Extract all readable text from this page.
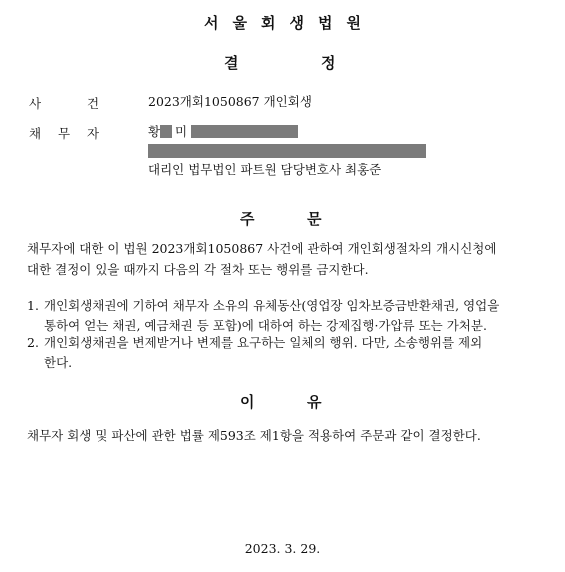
서울회생법원
결	정
사	건	2023개회1050867 개인회생
채 무 자	황 미
대리인 법무법인 파트원 담당변호사 최홍준
주	문
채무자에 대한 이 법원 2023개회1050867 사건에 관하여 개인회생절차의 개시신청에
대한 결정이 있을 때까지 다음의 각 절차 또는 행위를 금지한다.
1. 개인회생채권에 기하여 채무자 소유의 유체동산(영업장 임차보증금반환채권, 영업을
통하여 얻는 채권, 예금채권 등 포함)에 대하여 하는 강제집행·가압류 또는 가처분.
2. 개인회생채권을 변제받거나 변제를 요구하는 일체의 행위. 다만, 소송행위를 제외
한다.
이	유
채무자 회생 및 파산에 관한 법률 제593조 제1항을 적용하여 주문과 같이 결정한다.
2023. 3. 29.
